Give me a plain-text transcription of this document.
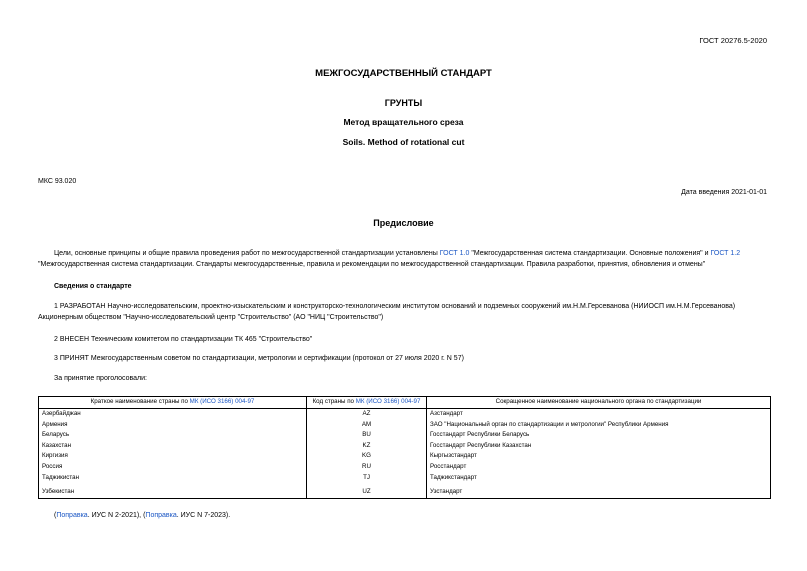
ГОСТ 20276.5-2020
МЕЖГОСУДАРСТВЕННЫЙ СТАНДАРТ
ГРУНТЫ
Метод вращательного среза
Soils. Method of rotational cut
МКС 93.020
Дата введения 2021-01-01
Предисловие
Цели, основные принципы и общие правила проведения работ по межгосударственной стандартизации установлены ГОСТ 1.0 "Межгосударственная система стандартизации. Основные положения" и ГОСТ 1.2 "Межгосударственная система стандартизации. Стандарты межгосударственные, правила и рекомендации по межгосударственной стандартизации. Правила разработки, принятия, обновления и отмены"
Сведения о стандарте
1 РАЗРАБОТАН Научно-исследовательским, проектно-изыскательским и конструкторско-технологическим институтом оснований и подземных сооружений им.Н.М.Герсеванова (НИИОСП им.Н.М.Герсеванова) Акционерным обществом "Научно-исследовательский центр "Строительство" (АО "НИЦ "Строительство")
2 ВНЕСЕН Техническим комитетом по стандартизации ТК 465 "Строительство"
3 ПРИНЯТ Межгосударственным советом по стандартизации, метрологии и сертификации (протокол от 27 июля 2020 г. N 57)
За принятие проголосовали:
Краткое наименование страны по МК (ИСО 3166) 004-97	Код страны по МК (ИСО 3166) 004-97	Сокращенное наименование национального органа по стандартизации
Азербайджан	AZ	Азстандарт
Армения	AM	ЗАО "Национальный орган по стандартизации и метрологии" Республики Армения
Беларусь	BU	Госстандарт Республики Беларусь
Казахстан	KZ	Госстандарт Республики Казахстан
Киргизия	KG	Кыргызстандарт
Россия	RU	Росстандарт
Таджикистан	TJ	Таджикстандарт
Узбекистан	UZ	Узстандарт
(Поправка. ИУС N 2-2021), (Поправка. ИУС N 7-2023).
